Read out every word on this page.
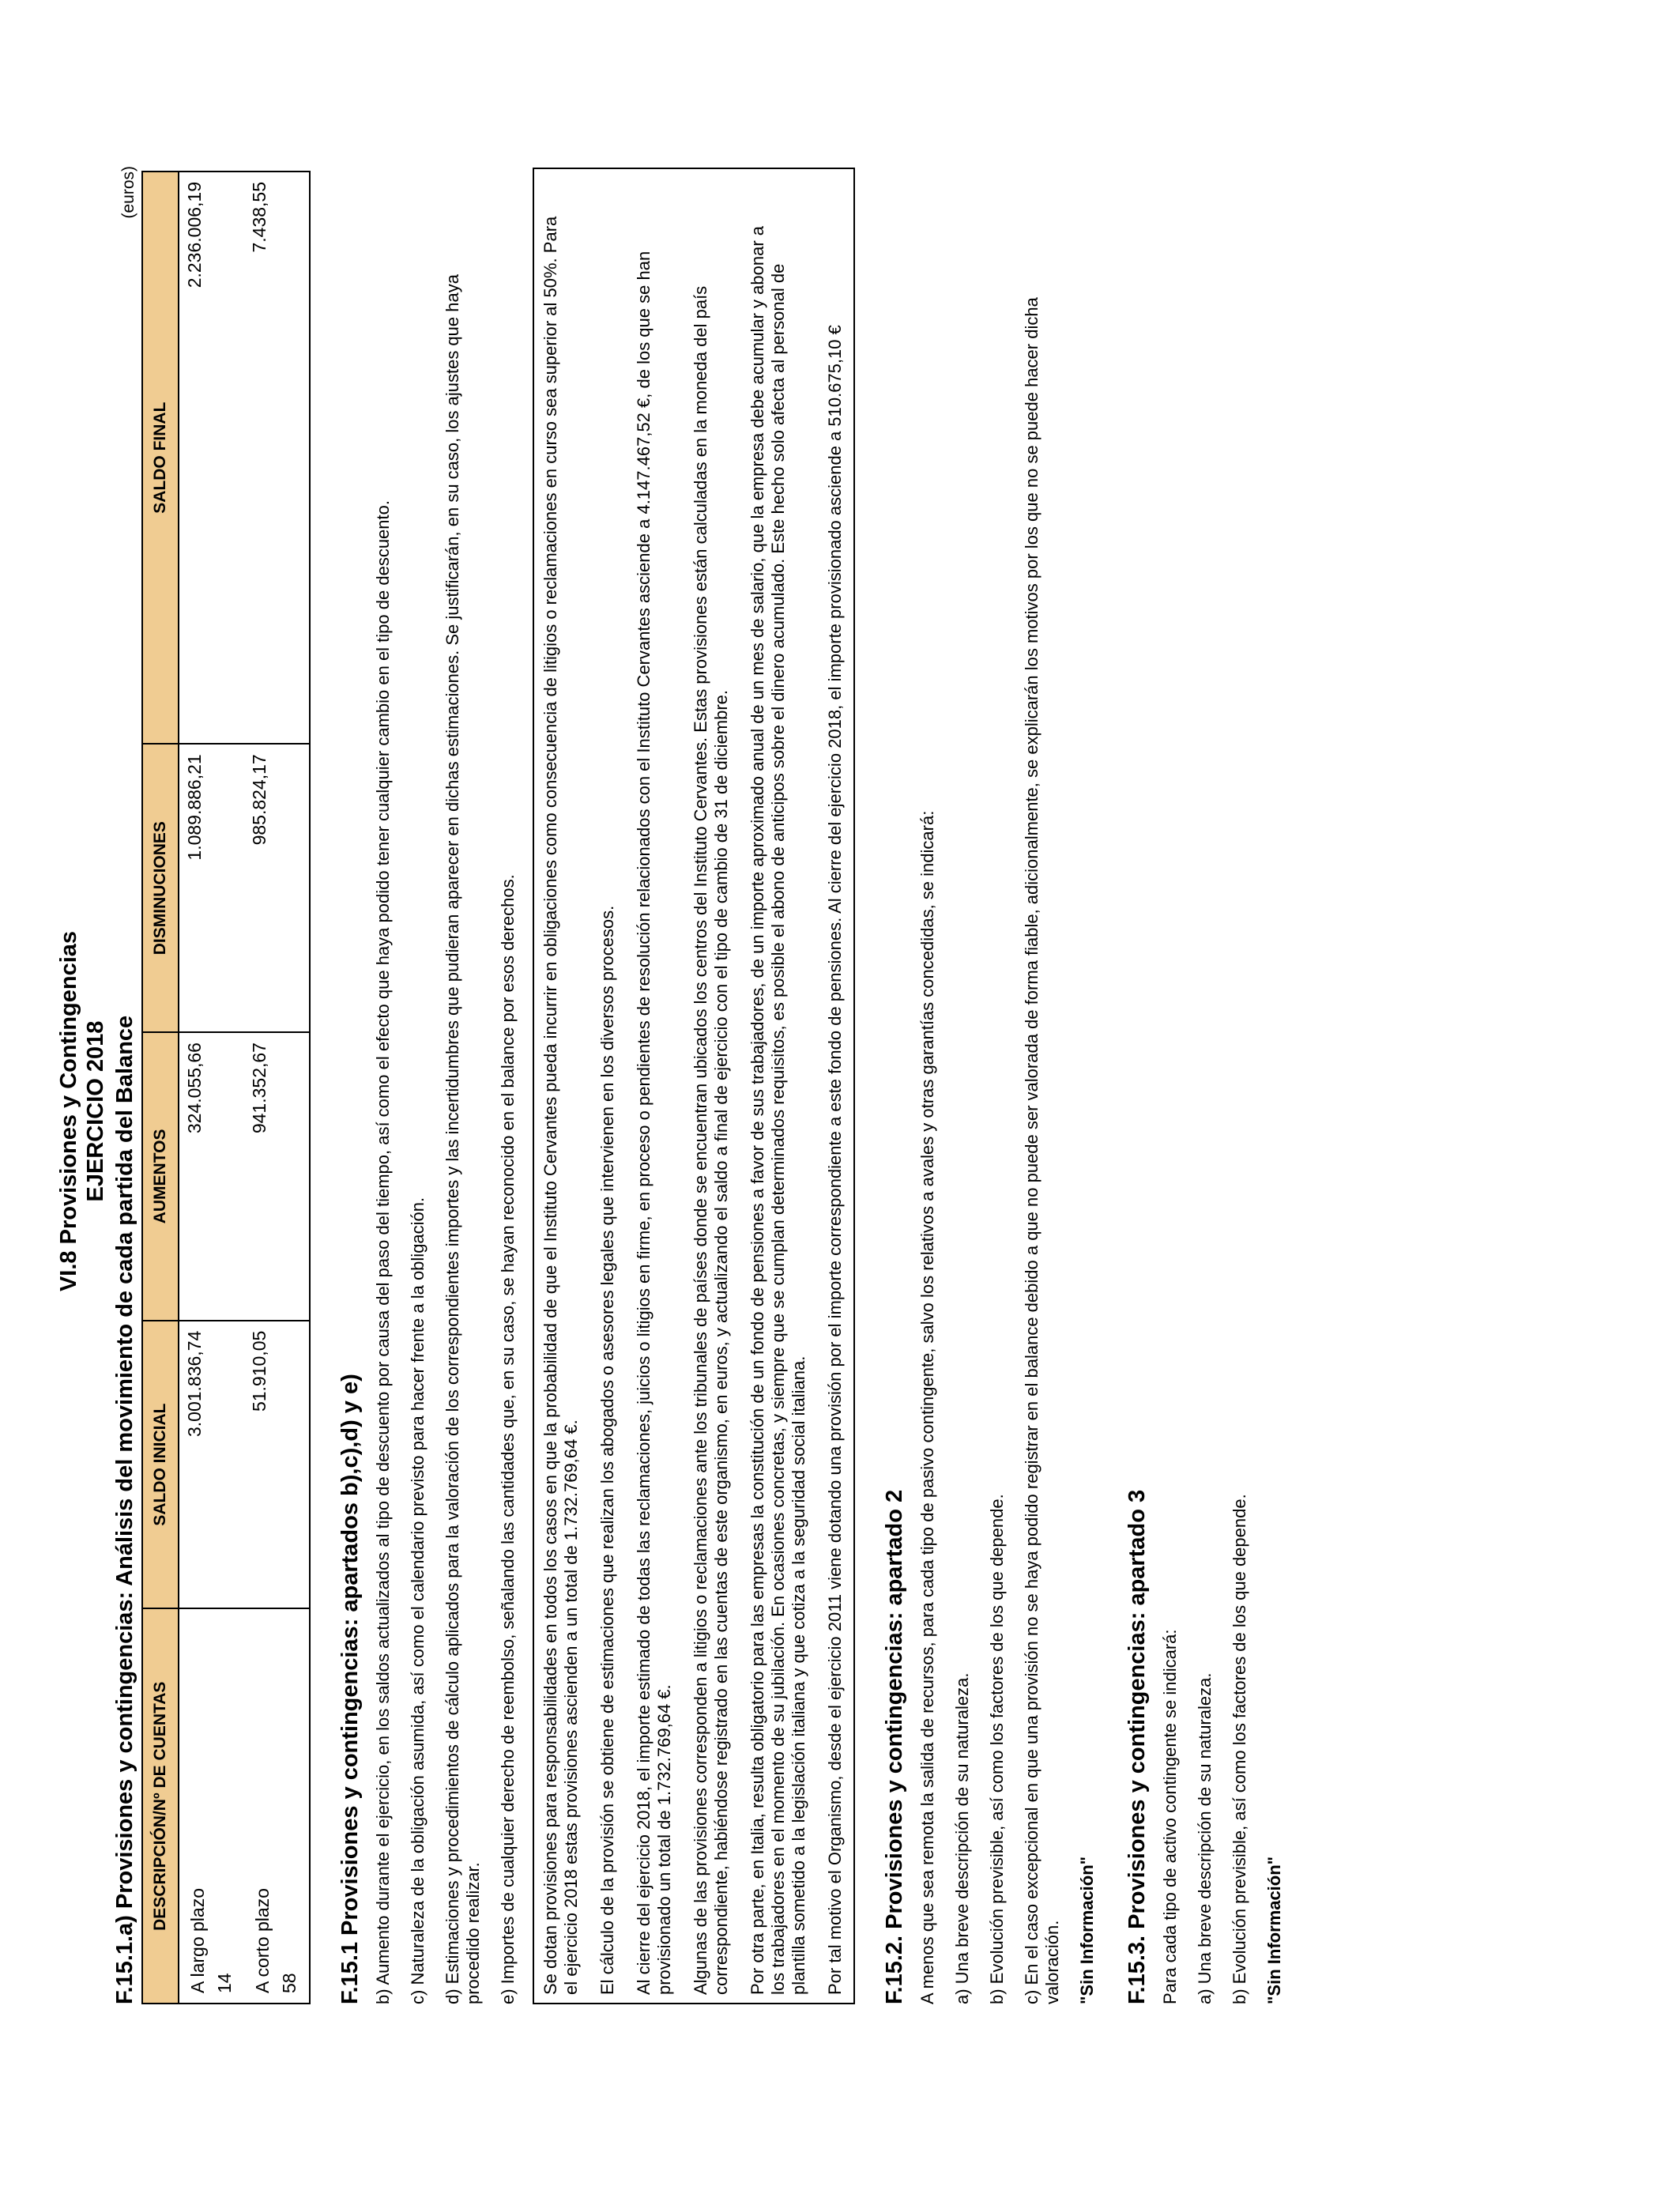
VI.8 Provisiones y Contingencias EJERCICIO 2018 F.15.1.a) Provisiones y contingencias: Análisis del movimiento de cada partida del Balance
(euros)
DESCRIPCIÓN/Nº DE CUENTAS	SALDO INICIAL	AUMENTOS	DISMINUCIONES	SALDO FINAL

A largo plazo 14	3.001.836,74	324.055,66	1.089.886,21	2.236.006,19

A corto plazo 58	51.910,05	941.352,67	985.824,17	7.438,55
F.15.1 Provisiones y contingencias: apartados b),c),d) y e) b) Aumento durante el ejercicio, en los saldos actualizados al tipo de descuento por causa del paso del tiempo, así como el efecto que haya podido tener cualquier cambio en el tipo de descuento. c) Naturaleza de la obligación asumida, así como el calendario previsto para hacer frente a la obligación. d) Estimaciones y procedimientos de cálculo aplicados para la valoración de los correspondientes importes y las incertidumbres que pudieran aparecer en dichas estimaciones. Se justificarán, en su caso, los ajustes que haya procedido realizar. e) Importes de cualquier derecho de reembolso, señalando las cantidades que, en su caso, se hayan reconocido en el balance por esos derechos. Se dotan provisiones para responsabilidades en todos los casos en que la probabilidad de que el Instituto Cervantes pueda incurrir en obligaciones como consecuencia de litigios o reclamaciones en curso sea superior al 50%. Para el ejercicio 2018 estas provisiones ascienden a un total de 1.732.769,64 €. El cálculo de la provisión se obtiene de estimaciones que realizan los abogados o asesores legales que intervienen en los diversos procesos. Al cierre del ejercicio 2018, el importe estimado de todas las reclamaciones, juicios o litigios en firme, en proceso o pendientes de resolución relacionados con el Instituto Cervantes asciende a 4.147.467,52 €, de los que se han provisionado un total de 1.732.769,64 €. Algunas de las provisiones corresponden a litigios o reclamaciones ante los tribunales de países donde se encuentran ubicados los centros del Instituto Cervantes. Estas provisiones están calculadas en la moneda del país correspondiente, habiéndose registrado en las cuentas de este organismo, en euros, y actualizando el saldo a final de ejercicio con el tipo de cambio de 31 de diciembre. Por otra parte, en Italia, resulta obligatorio para las empresas la constitución de un fondo de pensiones a favor de sus trabajadores, de un importe aproximado anual de un mes de salario, que la empresa debe acumular y abonar a los trabajadores en el momento de su jubilación. En ocasiones concretas, y siempre que se cumplan determinados requisitos, es posible el abono de anticipos sobre el dinero acumulado. Este hecho solo afecta al personal de plantilla sometido a la legislación italiana y que cotiza a la seguridad social italiana. Por tal motivo el Organismo, desde el ejercicio 2011 viene dotando una provisión por el importe correspondiente a este fondo de pensiones. Al cierre del ejercicio 2018, el importe provisionado asciende a 510.675,10 € F.15.2. Provisiones y contingencias: apartado 2 A menos que sea remota la salida de recursos, para cada tipo de pasivo contingente, salvo los relativos a avales y otras garantías concedidas, se indicará: a) Una breve descripción de su naturaleza. b) Evolución previsible, así como los factores de los que depende. c) En el caso excepcional en que una provisión no se haya podido registrar en el balance debido a que no puede ser valorada de forma fiable, adicionalmente, se explicarán los motivos por los que no se puede hacer dicha valoración. "Sin Información" F.15.3. Provisiones y contingencias: apartado 3 Para cada tipo de activo contingente se indicará: a) Una breve descripción de su naturaleza. b) Evolución previsible, así como los factores de los que depende. "Sin Información"
